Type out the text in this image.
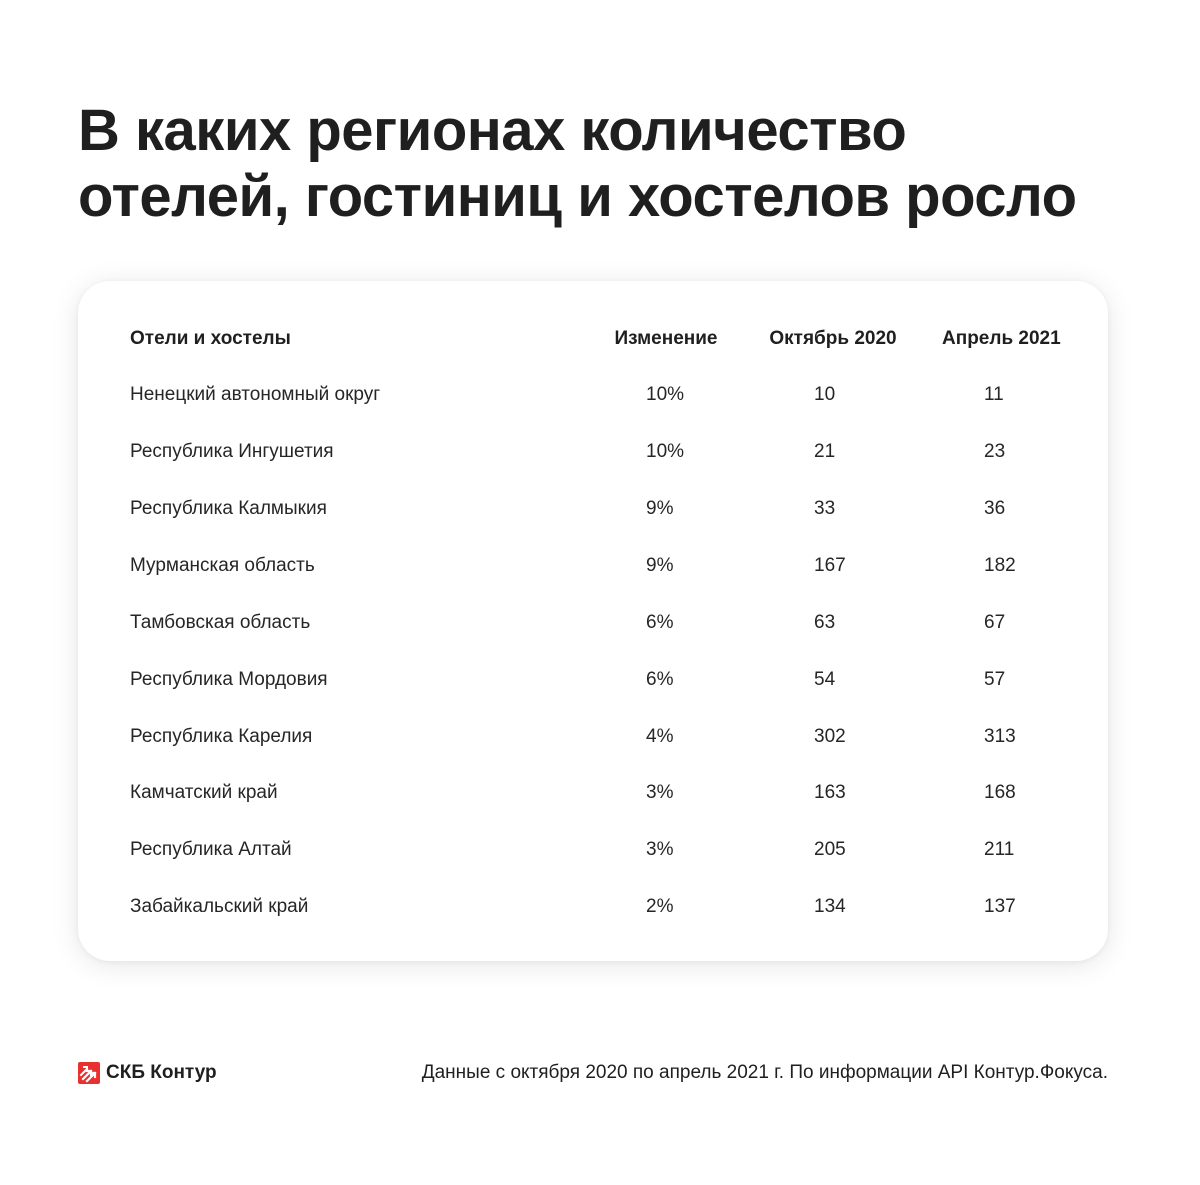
В каких регионах количество
отелей, гостиниц и хостелов росло
Отели и хостелы	Изменение	Октябрь 2020 Апрель 2021
Ненецкий автономный округ	10%	10	11
Республика Ингушетия	10%	21	23
Республика Калмыкия	9%	33	36
Мурманская область	9%	167	182
Тамбовская область	6%	63	67
Республика Мордовия	6%	54	57
Республика Карелия	4%	302	313
Камчатский край	3%	163	168
Республика Алтай	3%	205	211
Забайкальский край	2%	134	137
СКБ Контур	Данные с октября 2020 по апрель 2021 г. По информации API Контур.Фокуса.
